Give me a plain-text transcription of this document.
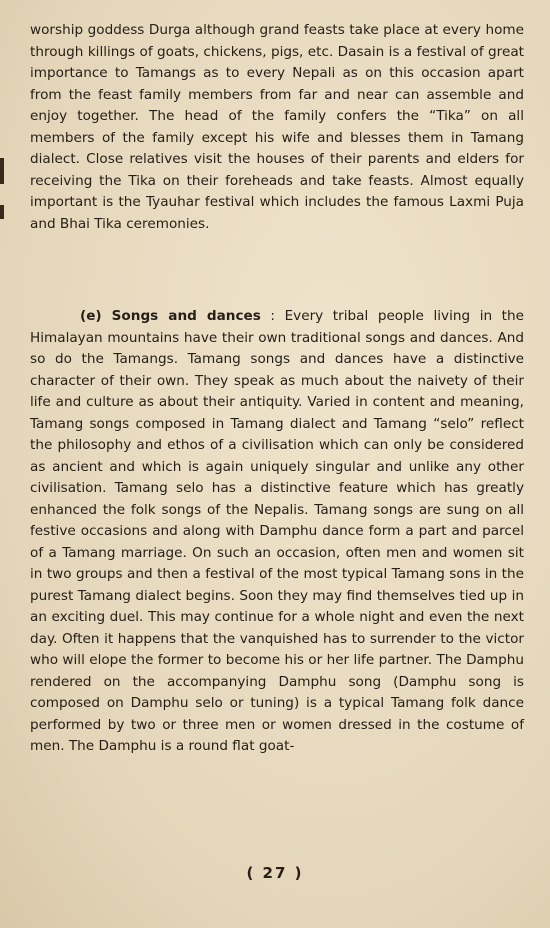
worship goddess Durga although grand feasts take place at every home through killings of goats, chickens, pigs, etc. Dasain is a festival of great importance to Tamangs as to every Nepali as on this occasion apart from the feast family members from far and near can assemble and enjoy together. The head of the family confers the “Tika” on all members of the family except his wife and blesses them in Tamang dialect. Close relatives visit the houses of their parents and elders for receiving the Tika on their foreheads and take feasts. Almost equally important is the Tyauhar festival which includes the famous Laxmi Puja and Bhai Tika ceremonies.

(e) Songs and dances : Every tribal people living in the Himalayan mountains have their own traditional songs and dances. And so do the Tamangs. Tamang songs and dances have a distinctive character of their own. They speak as much about the naivety of their life and culture as about their antiquity. Varied in content and meaning, Tamang songs composed in Tamang dialect and Tamang “selo” reflect the philosophy and ethos of a civilisation which can only be considered as ancient and which is again uniquely singular and unlike any other civilisation. Tamang selo has a distinctive feature which has greatly enhanced the folk songs of the Nepalis. Tamang songs are sung on all festive occasions and along with Damphu dance form a part and parcel of a Tamang marriage. On such an occasion, often men and women sit in two groups and then a festival of the most typical Tamang sons in the purest Tamang dialect begins. Soon they may find themselves tied up in an exciting duel. This may continue for a whole night and even the next day. Often it happens that the vanquished has to surrender to the victor who will elope the former to become his or her life partner. The Damphu rendered on the accompanying Damphu song (Damphu song is composed on Damphu selo or tuning) is a typical Tamang folk dance performed by two or three men or women dressed in the costume of men. The Damphu is a round flat goat-

( 27 )
